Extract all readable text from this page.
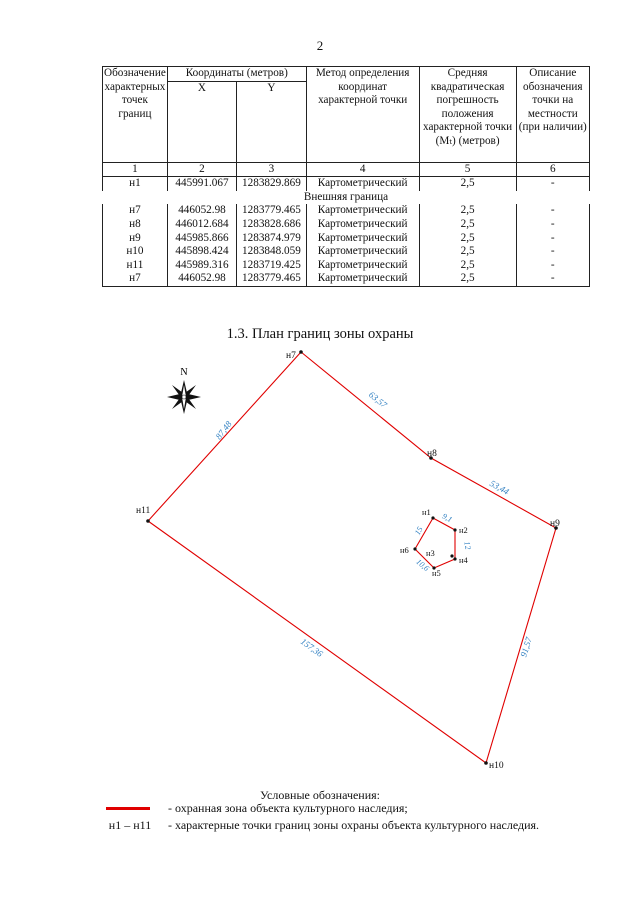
2
Обозначение характерных точек границ	Координаты (метров)		Метод определения координат характерной точки	Средняя квадратическая погрешность положения характерной точки (Mₜ) (метров)	Описание обозначения точки на местности (при наличии)
	X	Y			
1	2	3	4	5	6
н1	445991.067	1283829.869	Картометрический	2,5	-
Внешняя граница					
н7	446052.98	1283779.465	Картометрический	2,5	-
н8	446012.684	1283828.686	Картометрический	2,5	-
н9	445985.866	1283874.979	Картометрический	2,5	-
н10	445898.424	1283848.059	Картометрический	2,5	-
н11	445989.316	1283719.425	Картометрический	2,5	-
н7	446052.98	1283779.465	Картометрический	2,5	-
1.3. План границ зоны охраны
N
н7
н8
н9
н10
н11	н1
н2
н3
н4
н5
н6
63,57
53,44
91,57
157,36
87,48
9,1
12
15
10,6
Условные обозначения:
- охранная зона объекта культурного наследия;
н1 – н11	- характерные точки границ зоны охраны объекта культурного наследия.
